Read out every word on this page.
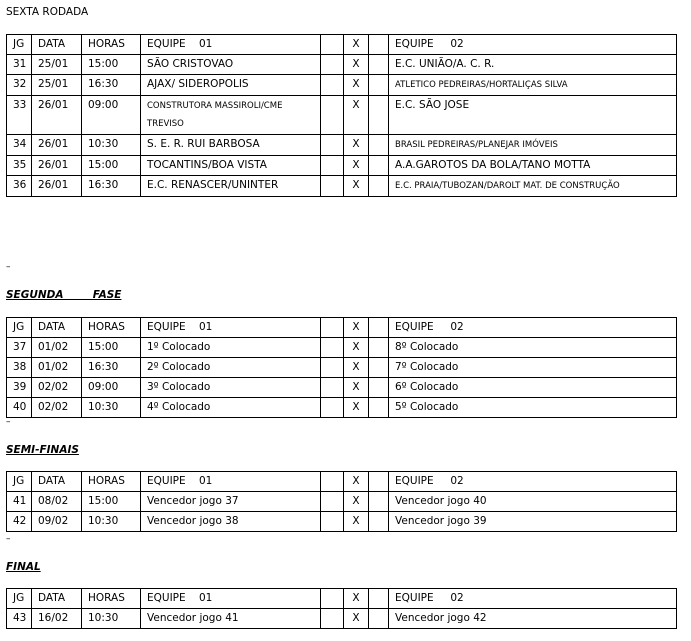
SEXTA RODADA
JG	DATA	HORAS	EQUIPE    01		X		EQUIPE     02
31	25/01	15:00	SÃO CRISTOVAO		X		E.C. UNIÃO/A. C. R.
32	25/01	16:30	AJAX/ SIDEROPOLIS		X		ATLETICO PEDREIRAS/HORTALIÇAS SILVA
33	26/01	09:00	CONSTRUTORA MASSIROLI/CME TREVISO		X		E.C. SÃO JOSE
34	26/01	10:30	S. E. R. RUI BARBOSA		X		BRASIL PEDREIRAS/PLANEJAR IMÓVEIS
35	26/01	15:00	TOCANTINS/BOA VISTA		X		A.A.GAROTOS DA BOLA/TANO MOTTA
36	26/01	16:30	E.C. RENASCER/UNINTER		X		E.C. PRAIA/TUBOZAN/DAROLT MAT. DE CONSTRUÇÃO
–
SEGUNDA        FASE
JG	DATA	HORAS	EQUIPE    01		X		EQUIPE     02
37	01/02	15:00	1º Colocado		X		8º Colocado
38	01/02	16:30	2º Colocado		X		7º Colocado
39	02/02	09:00	3º Colocado		X		6º Colocado
40	02/02	10:30	4º Colocado		X		5º Colocado
–
SEMI-FINAIS
JG	DATA	HORAS	EQUIPE    01		X		EQUIPE     02
41	08/02	15:00	Vencedor jogo 37		X		Vencedor jogo 40
42	09/02	10:30	Vencedor jogo 38		X		Vencedor jogo 39
–
FINAL
JG	DATA	HORAS	EQUIPE    01		X		EQUIPE     02
43	16/02	10:30	Vencedor jogo 41		X		Vencedor jogo 42
